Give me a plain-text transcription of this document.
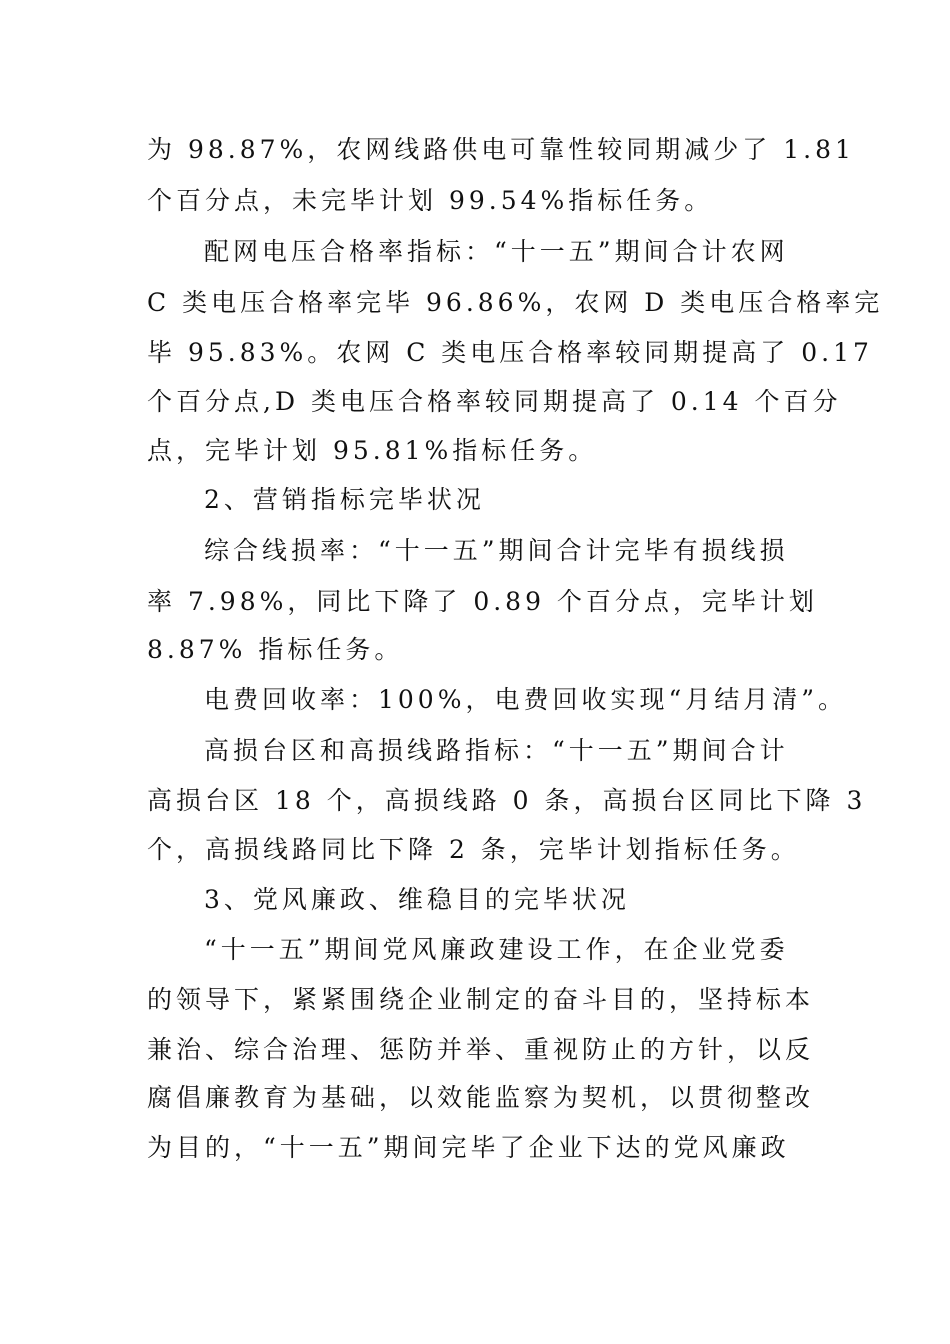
为 98.87%，农网线路供电可靠性较同期减少了 1.81
个百分点，未完毕计划 99.54%指标任务。
配网电压合格率指标：“十一五”期间合计农网
C 类电压合格率完毕 96.86%，农网 D 类电压合格率完
毕 95.83%。农网 C 类电压合格率较同期提高了 0.17
个百分点,D 类电压合格率较同期提高了 0.14 个百分
点，完毕计划 95.81%指标任务。
2、营销指标完毕状况
综合线损率：“十一五”期间合计完毕有损线损
率 7.98%，同比下降了 0.89 个百分点，完毕计划
8.87% 指标任务。
电费回收率：100%，电费回收实现“月结月清”。
高损台区和高损线路指标：“十一五”期间合计
高损台区 18 个，高损线路 0 条，高损台区同比下降 3
个，高损线路同比下降 2 条，完毕计划指标任务。
3、党风廉政、维稳目的完毕状况
“十一五”期间党风廉政建设工作，在企业党委
的领导下，紧紧围绕企业制定的奋斗目的，坚持标本
兼治、综合治理、惩防并举、重视防止的方针，以反
腐倡廉教育为基础，以效能监察为契机，以贯彻整改
为目的，“十一五”期间完毕了企业下达的党风廉政
